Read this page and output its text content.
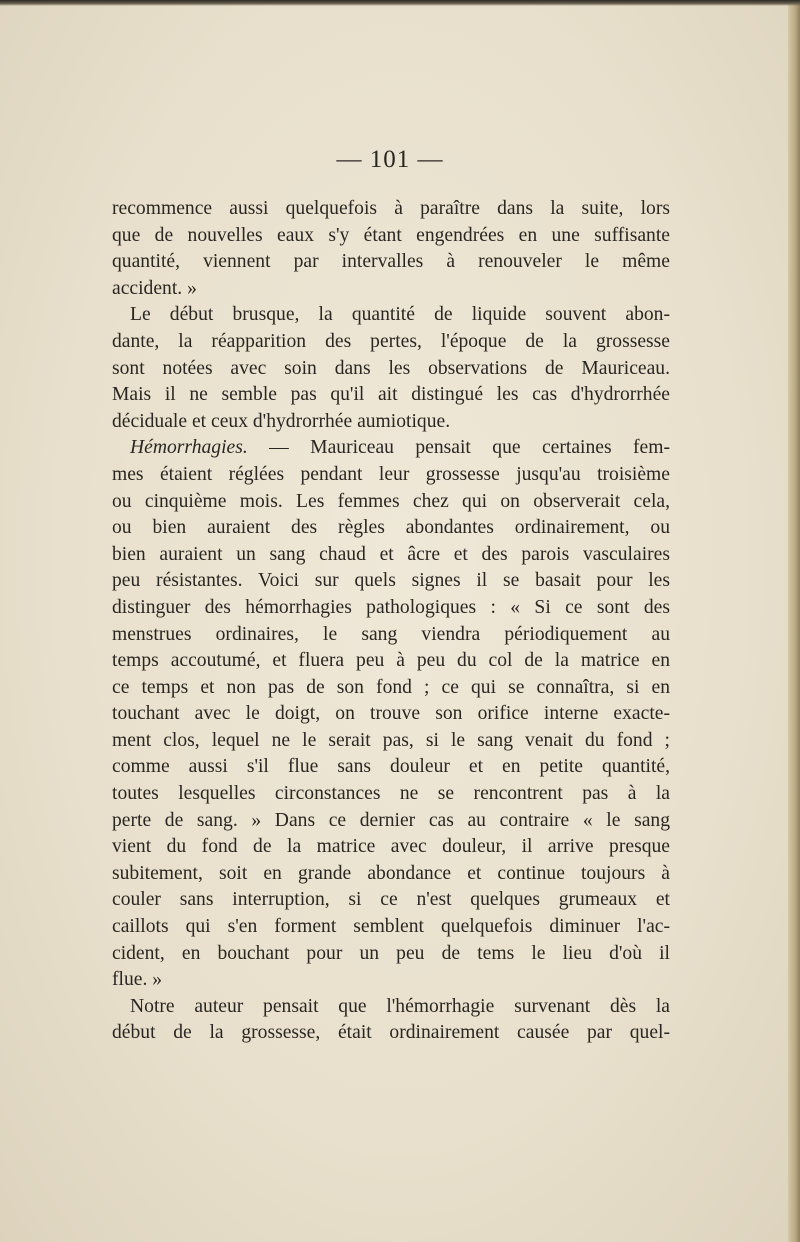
— 101 —
recommence aussi quelquefois à paraître dans la suite, lors
que de nouvelles eaux s'y étant engendrées en une suffisante
quantité, viennent par intervalles à renouveler le même
accident. »
Le début brusque, la quantité de liquide souvent abon-
dante, la réapparition des pertes, l'époque de la grossesse
sont notées avec soin dans les observations de Mauriceau.
Mais il ne semble pas qu'il ait distingué les cas d'hydrorrhée
déciduale et ceux d'hydrorrhée aumiotique.
Hémorrhagies. — Mauriceau pensait que certaines fem-
mes étaient réglées pendant leur grossesse jusqu'au troisième
ou cinquième mois. Les femmes chez qui on observerait cela,
ou bien auraient des règles abondantes ordinairement, ou
bien auraient un sang chaud et âcre et des parois vasculaires
peu résistantes. Voici sur quels signes il se basait pour les
distinguer des hémorrhagies pathologiques : « Si ce sont des
menstrues ordinaires, le sang viendra périodiquement au
temps accoutumé, et fluera peu à peu du col de la matrice en
ce temps et non pas de son fond ; ce qui se connaîtra, si en
touchant avec le doigt, on trouve son orifice interne exacte-
ment clos, lequel ne le serait pas, si le sang venait du fond ;
comme aussi s'il flue sans douleur et en petite quantité,
toutes lesquelles circonstances ne se rencontrent pas à la
perte de sang. » Dans ce dernier cas au contraire « le sang
vient du fond de la matrice avec douleur, il arrive presque
subitement, soit en grande abondance et continue toujours à
couler sans interruption, si ce n'est quelques grumeaux et
caillots qui s'en forment semblent quelquefois diminuer l'ac-
cident, en bouchant pour un peu de tems le lieu d'où il
flue. »
Notre auteur pensait que l'hémorrhagie survenant dès la
début de la grossesse, était ordinairement causée par quel-
